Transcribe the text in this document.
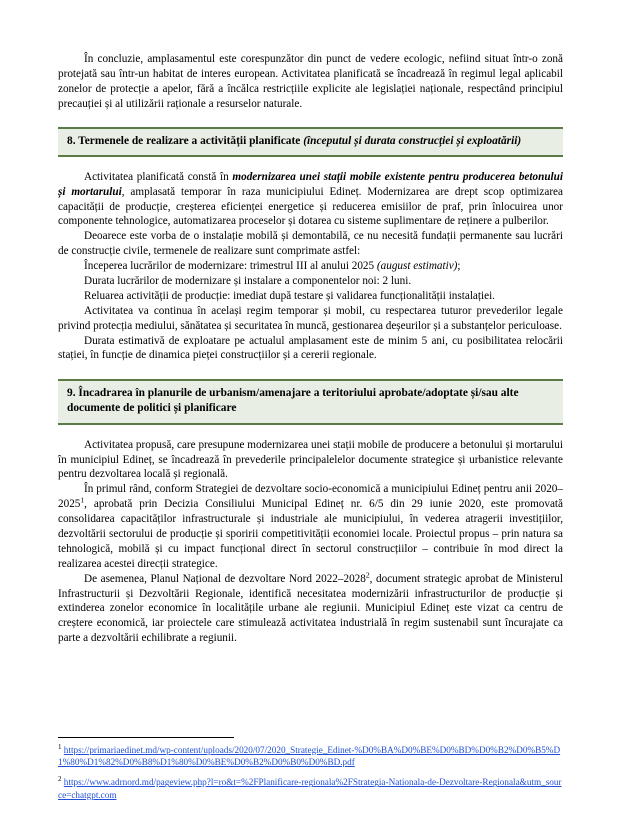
În concluzie, amplasamentul este corespunzător din punct de vedere ecologic, nefiind situat într-o zonă protejată sau într-un habitat de interes european. Activitatea planificată se încadrează în regimul legal aplicabil zonelor de protecție a apelor, fără a încălca restricțiile explicite ale legislației naționale, respectând principiul precauției și al utilizării raționale a resurselor naturale.

8. Termenele de realizare a activității planificate (începutul și durata construcției și exploatării)

Activitatea planificată constă în modernizarea unei stații mobile existente pentru producerea betonului și mortarului, amplasată temporar în raza municipiului Edineț. Modernizarea are drept scop optimizarea capacității de producție, creșterea eficienței energetice și reducerea emisiilor de praf, prin înlocuirea unor componente tehnologice, automatizarea proceselor și dotarea cu sisteme suplimentare de reținere a pulberilor.

Deoarece este vorba de o instalație mobilă și demontabilă, ce nu necesită fundații permanente sau lucrări de construcție civile, termenele de realizare sunt comprimate astfel:

Începerea lucrărilor de modernizare: trimestrul III al anului 2025 (august estimativ);

Durata lucrărilor de modernizare și instalare a componentelor noi: 2 luni.

Reluarea activității de producție: imediat după testare și validarea funcționalității instalației.

Activitatea va continua în același regim temporar și mobil, cu respectarea tuturor prevederilor legale privind protecția mediului, sănătatea și securitatea în muncă, gestionarea deșeurilor și a substanțelor periculoase.

Durata estimativă de exploatare pe actualul amplasament este de minim 5 ani, cu posibilitatea relocării stației, în funcție de dinamica pieței construcțiilor și a cererii regionale.

9. Încadrarea în planurile de urbanism/amenajare a teritoriului aprobate/adoptate și/sau alte documente de politici și planificare

Activitatea propusă, care presupune modernizarea unei stații mobile de producere a betonului și mortarului în municipiul Edineț, se încadrează în prevederile principalelelor documente strategice și urbanistice relevante pentru dezvoltarea locală și regională.

În primul rând, conform Strategiei de dezvoltare socio-economică a municipiului Edineț pentru anii 2020–2025$^1$, aprobată prin Decizia Consiliului Municipal Edineț nr. 6/5 din 29 iunie 2020, este promovată consolidarea capacităților infrastructurale și industriale ale municipiului, în vederea atragerii investițiilor, dezvoltării sectorului de producție și sporirii competitivității economiei locale. Proiectul propus – prin natura sa tehnologică, mobilă și cu impact funcțional direct în sectorul construcțiilor – contribuie în mod direct la realizarea acestei direcții strategice.

De asemenea, Planul Național de dezvoltare Nord 2022–2028$^2$, document strategic aprobat de Ministerul Infrastructurii și Dezvoltării Regionale, identifică necesitatea modernizării infrastructurilor de producție și extinderea zonelor economice în localitățile urbane ale regiunii. Municipiul Edineț este vizat ca centru de creștere economică, iar proiectele care stimulează activitatea industrială în regim sustenabil sunt încurajate ca parte a dezvoltării echilibrate a regiunii.

$^1$ https://primariaedinet.md/wp-content/uploads/2020/07/2020_Strategie_Edinet-%D0%BA%D0%BE%D0%BD%D0%B2%D0%B5%D1%80%D1%82%D0%B8%D1%80%D0%BE%D0%B2%D0%B0%D0%BD.pdf
$^2$ https://www.adrnord.md/pageview.php?l=ro&t=%2FPlanificare-regionala%2FStrategia-Nationala-de-Dezvoltare-Regionala&utm_source=chatgpt.com
